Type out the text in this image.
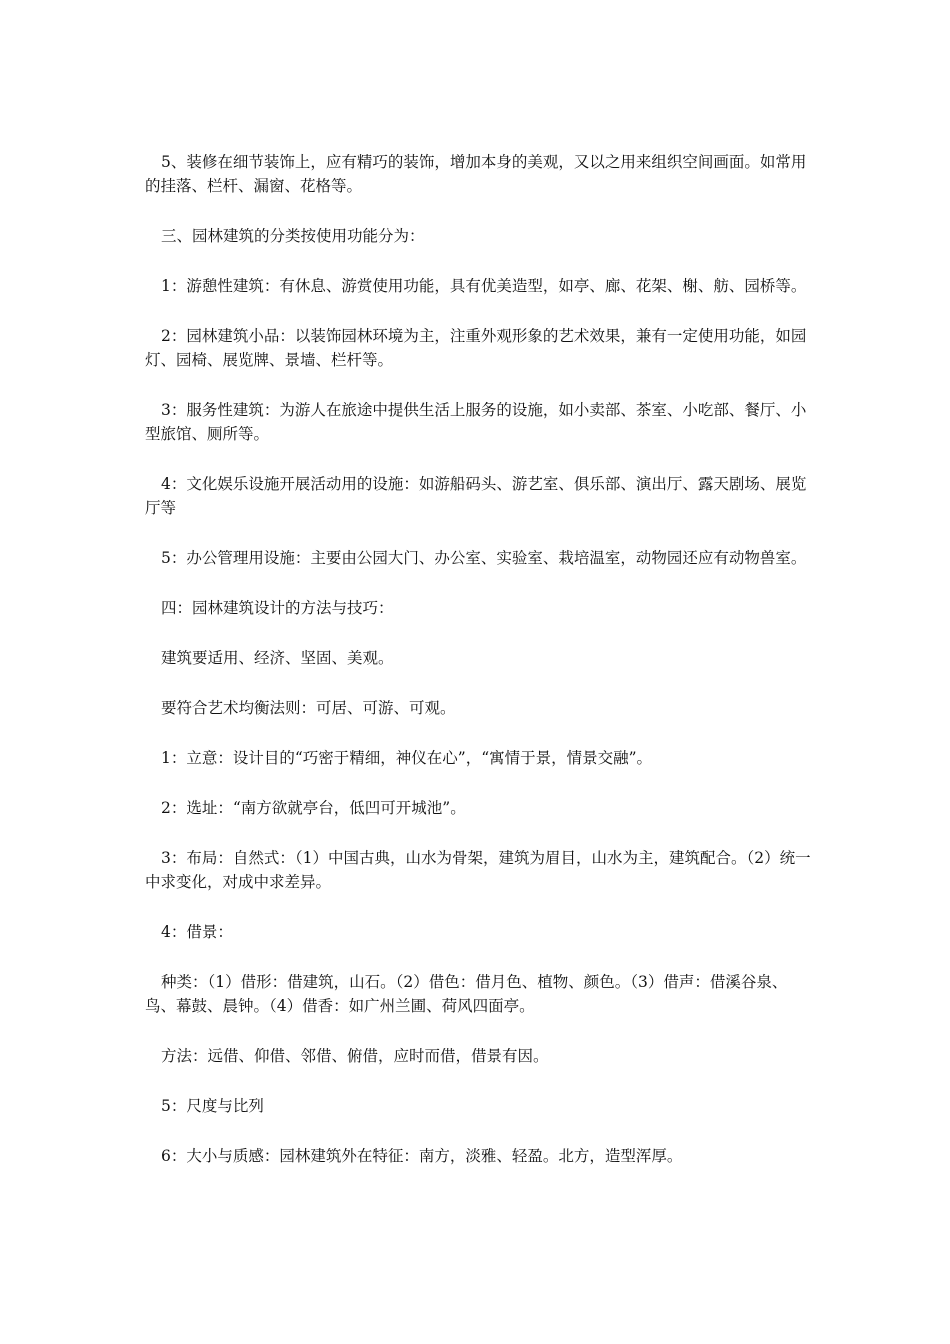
5、装修在细节装饰上，应有精巧的装饰，增加本身的美观，又以之用来组织空间画面。如常用的挂落、栏杆、漏窗、花格等。

三、园林建筑的分类按使用功能分为：

1：游憩性建筑：有休息、游赏使用功能，具有优美造型，如亭、廊、花架、榭、舫、园桥等。

2：园林建筑小品：以装饰园林环境为主，注重外观形象的艺术效果，兼有一定使用功能，如园灯、园椅、展览牌、景墙、栏杆等。

3：服务性建筑：为游人在旅途中提供生活上服务的设施，如小卖部、茶室、小吃部、餐厅、小型旅馆、厕所等。

4：文化娱乐设施开展活动用的设施：如游船码头、游艺室、俱乐部、演出厅、露天剧场、展览厅等

5：办公管理用设施：主要由公园大门、办公室、实验室、栽培温室，动物园还应有动物兽室。

四：园林建筑设计的方法与技巧：

建筑要适用、经济、坚固、美观。

要符合艺术均衡法则：可居、可游、可观。

1：立意：设计目的“巧密于精细，神仪在心”，“寓情于景，情景交融”。

2：选址：“南方欲就亭台，低凹可开城池”。

3：布局：自然式：（1）中国古典，山水为骨架，建筑为眉目，山水为主，建筑配合。（2）统一中求变化，对成中求差异。

4：借景：

种类：（1）借形：借建筑，山石。（2）借色：借月色、植物、颜色。（3）借声：借溪谷泉、鸟、幕鼓、晨钟。（4）借香：如广州兰圃、荷风四面亭。

方法：远借、仰借、邻借、俯借，应时而借，借景有因。

5：尺度与比列

6：大小与质感：园林建筑外在特征：南方，淡雅、轻盈。北方，造型浑厚。
